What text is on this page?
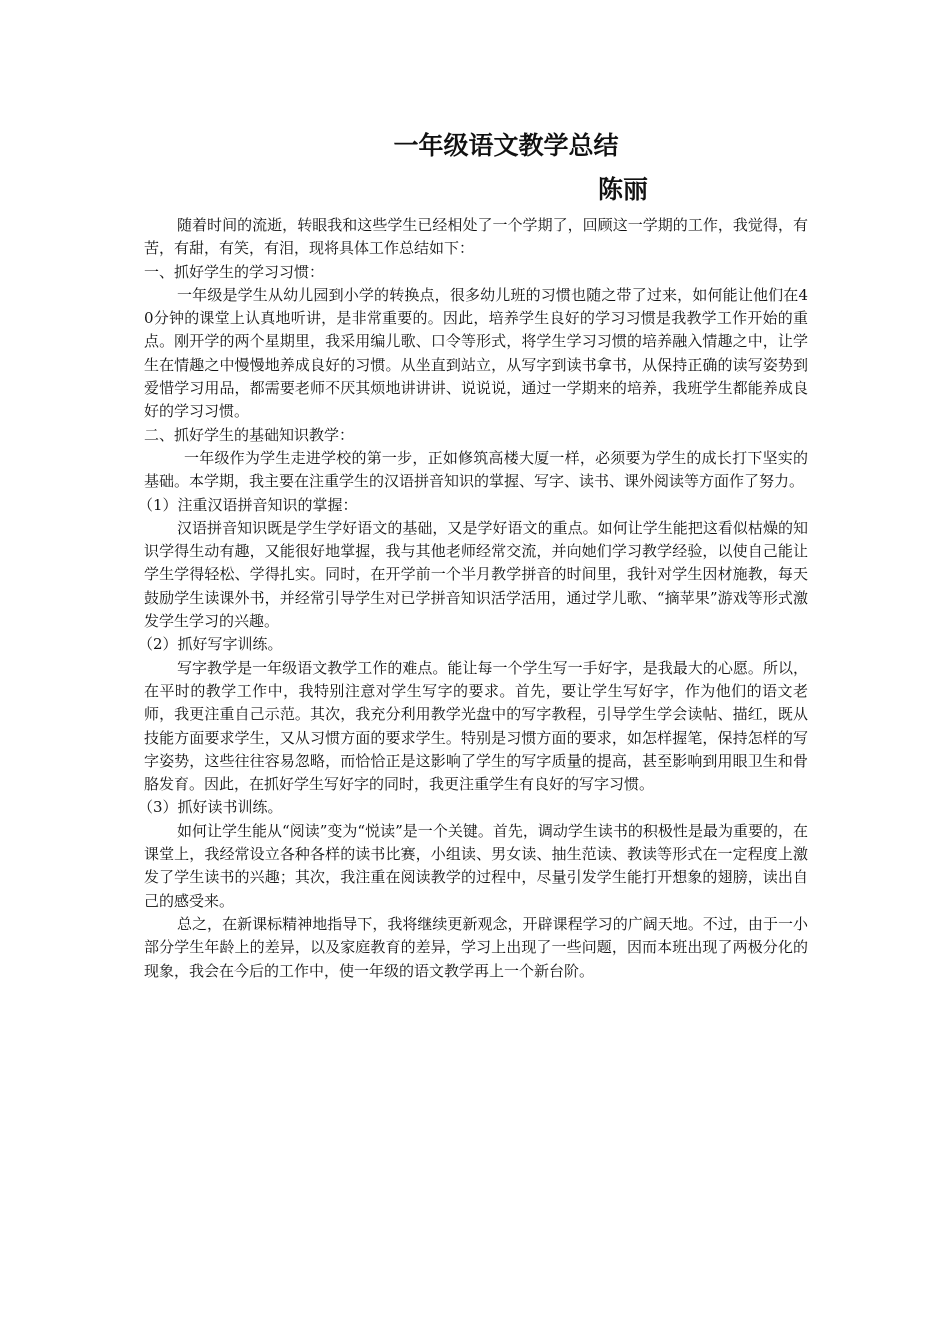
一年级语文教学总结
陈丽

随着时间的流逝，转眼我和这些学生已经相处了一个学期了，回顾这一学期的工作，我觉得，有苦，有甜，有笑，有泪，现将具体工作总结如下：

一、抓好学生的学习习惯：

一年级是学生从幼儿园到小学的转换点，很多幼儿班的习惯也随之带了过来，如何能让他们在40分钟的课堂上认真地听讲，是非常重要的。因此，培养学生良好的学习习惯是我教学工作开始的重点。刚开学的两个星期里，我采用编儿歌、口令等形式，将学生学习习惯的培养融入情趣之中，让学生在情趣之中慢慢地养成良好的习惯。从坐直到站立，从写字到读书拿书，从保持正确的读写姿势到爱惜学习用品，都需要老师不厌其烦地讲讲讲、说说说，通过一学期来的培养，我班学生都能养成良好的学习习惯。

二、抓好学生的基础知识教学：

一年级作为学生走进学校的第一步，正如修筑高楼大厦一样，必须要为学生的成长打下坚实的基础。本学期，我主要在注重学生的汉语拼音知识的掌握、写字、读书、课外阅读等方面作了努力。

（1）注重汉语拼音知识的掌握：

汉语拼音知识既是学生学好语文的基础，又是学好语文的重点。如何让学生能把这看似枯燥的知识学得生动有趣，又能很好地掌握，我与其他老师经常交流，并向她们学习教学经验，以使自己能让学生学得轻松、学得扎实。同时，在开学前一个半月教学拼音的时间里，我针对学生因材施教，每天鼓励学生读课外书，并经常引导学生对已学拼音知识活学活用，通过学儿歌、“摘苹果”游戏等形式激发学生学习的兴趣。

（2）抓好写字训练。

写字教学是一年级语文教学工作的难点。能让每一个学生写一手好字，是我最大的心愿。所以，在平时的教学工作中，我特别注意对学生写字的要求。首先，要让学生写好字，作为他们的语文老师，我更注重自己示范。其次，我充分利用教学光盘中的写字教程，引导学生学会读帖、描红，既从技能方面要求学生，又从习惯方面的要求学生。特别是习惯方面的要求，如怎样握笔，保持怎样的写字姿势，这些往往容易忽略，而恰恰正是这影响了学生的写字质量的提高，甚至影响到用眼卫生和骨胳发育。因此，在抓好学生写好字的同时，我更注重学生有良好的写字习惯。

（3）抓好读书训练。

如何让学生能从“阅读”变为“悦读”是一个关键。首先，调动学生读书的积极性是最为重要的，在课堂上，我经常设立各种各样的读书比赛，小组读、男女读、抽生范读、教读等形式在一定程度上激发了学生读书的兴趣；其次，我注重在阅读教学的过程中，尽量引发学生能打开想象的翅膀，读出自己的感受来。

总之，在新课标精神地指导下，我将继续更新观念，开辟课程学习的广阔天地。不过，由于一小部分学生年龄上的差异，以及家庭教育的差异，学习上出现了一些问题，因而本班出现了两极分化的现象，我会在今后的工作中，使一年级的语文教学再上一个新台阶。
